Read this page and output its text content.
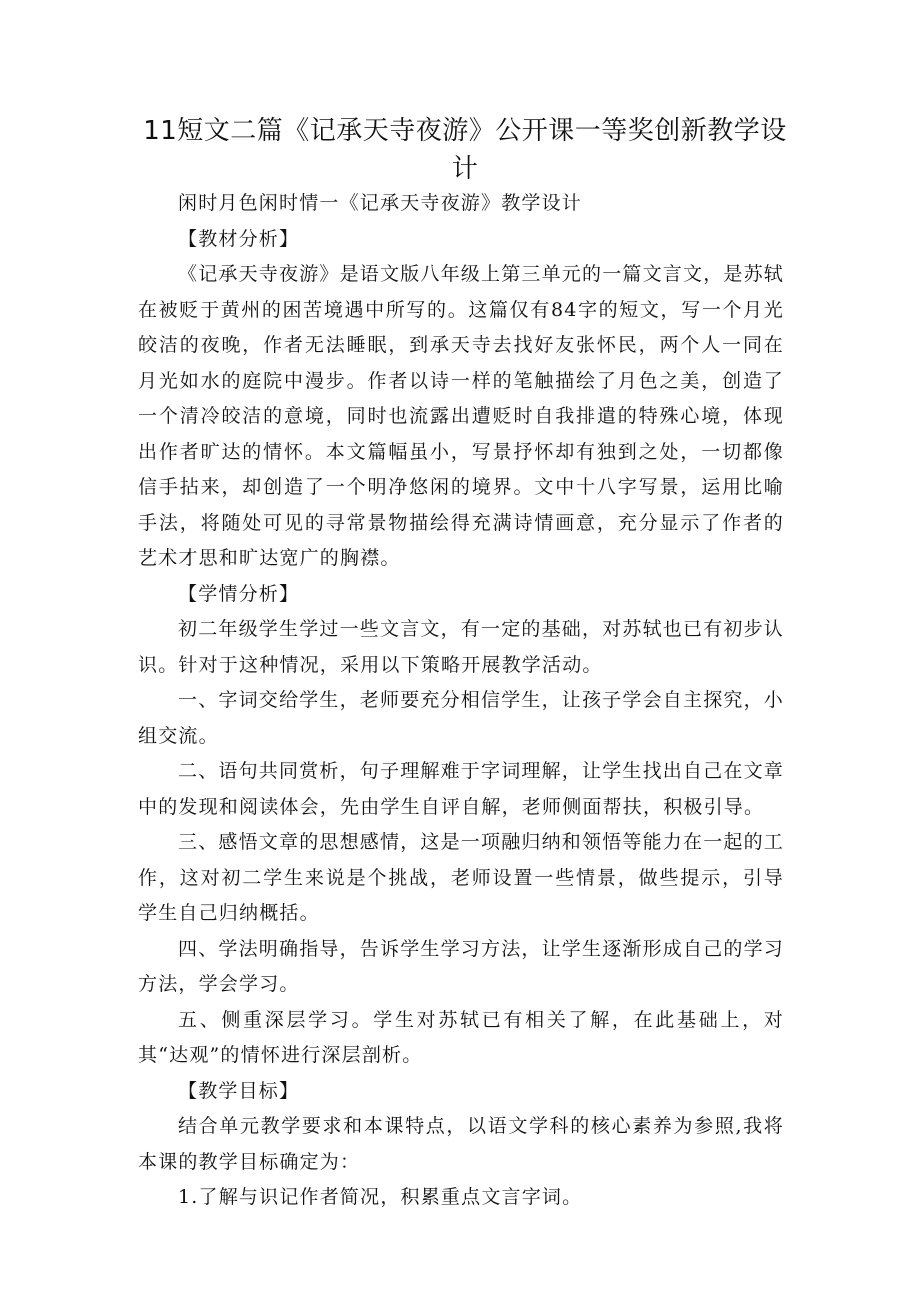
11短文二篇《记承天寺夜游》公开课一等奖创新教学设计

闲时月色闲时情一《记承天寺夜游》教学设计

【教材分析】

《记承天寺夜游》是语文版八年级上第三单元的一篇文言文，是苏轼在被贬于黄州的困苦境遇中所写的。这篇仅有84字的短文，写一个月光皎洁的夜晚，作者无法睡眠，到承天寺去找好友张怀民，两个人一同在月光如水的庭院中漫步。作者以诗一样的笔触描绘了月色之美，创造了一个清冷皎洁的意境，同时也流露出遭贬时自我排遣的特殊心境，体现出作者旷达的情怀。本文篇幅虽小，写景抒怀却有独到之处，一切都像信手拈来，却创造了一个明净悠闲的境界。文中十八字写景，运用比喻手法，将随处可见的寻常景物描绘得充满诗情画意，充分显示了作者的艺术才思和旷达宽广的胸襟。

【学情分析】

初二年级学生学过一些文言文，有一定的基础，对苏轼也已有初步认识。针对于这种情况，采用以下策略开展教学活动。

一、字词交给学生，老师要充分相信学生，让孩子学会自主探究，小组交流。

二、语句共同赏析，句子理解难于字词理解，让学生找出自己在文章中的发现和阅读体会，先由学生自评自解，老师侧面帮扶，积极引导。

三、感悟文章的思想感情，这是一项融归纳和领悟等能力在一起的工作，这对初二学生来说是个挑战，老师设置一些情景，做些提示，引导学生自己归纳概括。

四、学法明确指导，告诉学生学习方法，让学生逐渐形成自己的学习方法，学会学习。

五、侧重深层学习。学生对苏轼已有相关了解，在此基础上，对其“达观”的情怀进行深层剖析。

【教学目标】

结合单元教学要求和本课特点，以语文学科的核心素养为参照,我将本课的教学目标确定为：

1.了解与识记作者简况，积累重点文言字词。
